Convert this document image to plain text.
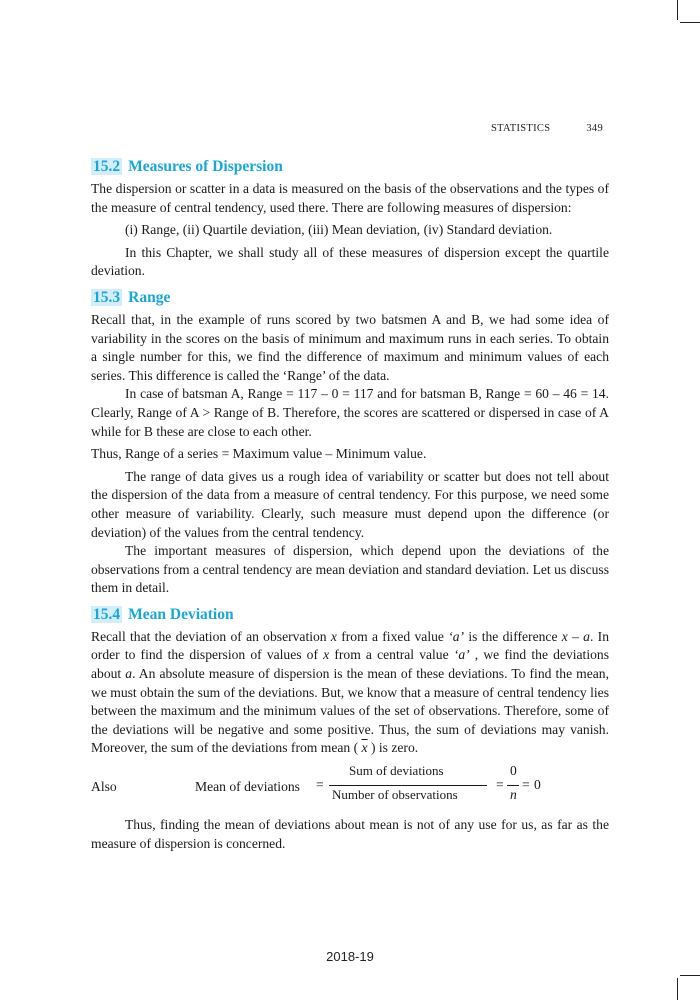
STATISTICS	349
15.2 Measures of Dispersion

The dispersion or scatter in a data is measured on the basis of the observations and the types of the measure of central tendency, used there. There are following measures of dispersion:

(i) Range, (ii) Quartile deviation, (iii) Mean deviation, (iv) Standard deviation.

In this Chapter, we shall study all of these measures of dispersion except the quartile deviation.

15.3 Range

Recall that, in the example of runs scored by two batsmen A and B, we had some idea of variability in the scores on the basis of minimum and maximum runs in each series. To obtain a single number for this, we find the difference of maximum and minimum values of each series. This difference is called the ‘Range’ of the data.

In case of batsman A, Range = 117 – 0 = 117 and for batsman B, Range = 60 – 46 = 14. Clearly, Range of A > Range of B. Therefore, the scores are scattered or dispersed in case of A while for B these are close to each other.

Thus, Range of a series = Maximum value – Minimum value.

The range of data gives us a rough idea of variability or scatter but does not tell about the dispersion of the data from a measure of central tendency. For this purpose, we need some other measure of variability. Clearly, such measure must depend upon the difference (or deviation) of the values from the central tendency.

The important measures of dispersion, which depend upon the deviations of the observations from a central tendency are mean deviation and standard deviation. Let us discuss them in detail.

15.4 Mean Deviation

Recall that the deviation of an observation x from a fixed value ‘a’ is the difference x – a. In order to find the dispersion of values of x from a central value ‘a’ , we find the deviations about a. An absolute measure of dispersion is the mean of these deviations. To find the mean, we must obtain the sum of the deviations. But, we know that a measure of central tendency lies between the maximum and the minimum values of the set of observations. Therefore, some of the deviations will be negative and some positive. Thus, the sum of deviations may vanish. Moreover, the sum of the deviations from mean ( $\overline{x}$ ) is zero.

Also	Mean of deviations =
Sum of deviations
Number of observations
=
0
n
= 0

Thus, finding the mean of deviations about mean is not of any use for us, as far as the measure of dispersion is concerned.

2018-19
